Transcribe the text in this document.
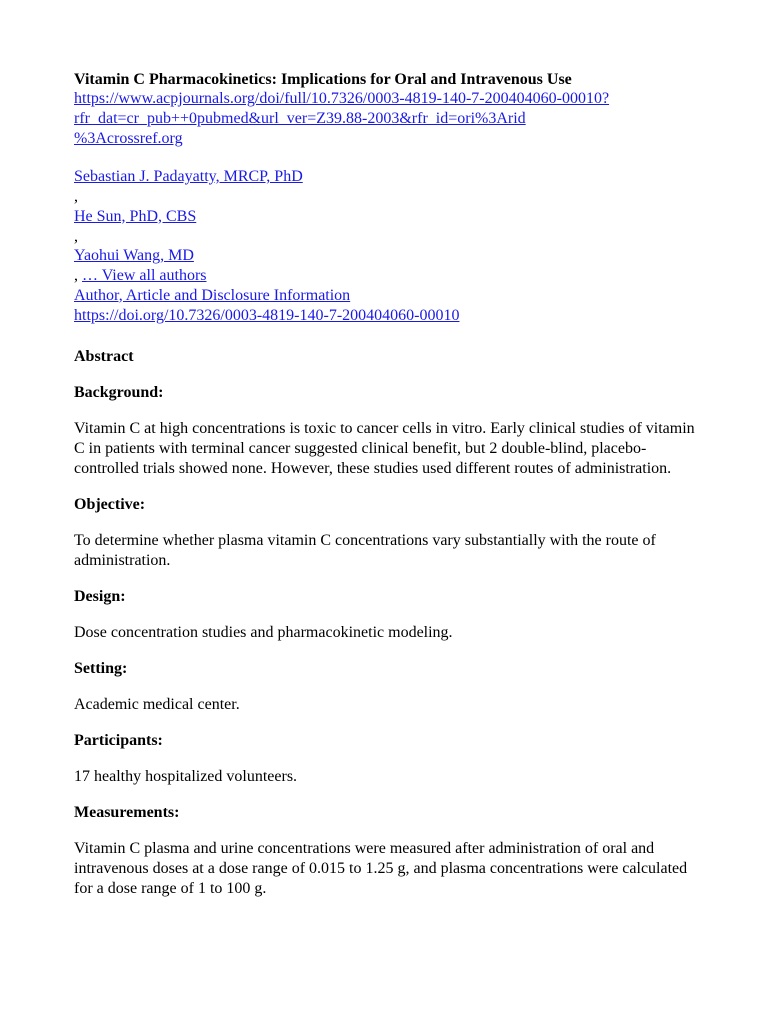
Vitamin C Pharmacokinetics: Implications for Oral and Intravenous Use

https://www.acpjournals.org/doi/full/10.7326/0003-4819-140-7-200404060-00010?
rfr_dat=cr_pub++0pubmed&url_ver=Z39.88-2003&rfr_id=ori%3Arid
%3Acrossref.org
Sebastian J. Padayatty, MRCP, PhD
,
He Sun, PhD, CBS
,
Yaohui Wang, MD
, … View all authors
Author, Article and Disclosure Information
https://doi.org/10.7326/0003-4819-140-7-200404060-00010

Abstract

Background:

Vitamin C at high concentrations is toxic to cancer cells in vitro. Early clinical studies of vitamin C in patients with terminal cancer suggested clinical benefit, but 2 double-blind, placebo-controlled trials showed none. However, these studies used different routes of administration.

Objective:

To determine whether plasma vitamin C concentrations vary substantially with the route of administration.

Design:

Dose concentration studies and pharmacokinetic modeling.

Setting:

Academic medical center.

Participants:

17 healthy hospitalized volunteers.

Measurements:

Vitamin C plasma and urine concentrations were measured after administration of oral and intravenous doses at a dose range of 0.015 to 1.25 g, and plasma concentrations were calculated for a dose range of 1 to 100 g.
